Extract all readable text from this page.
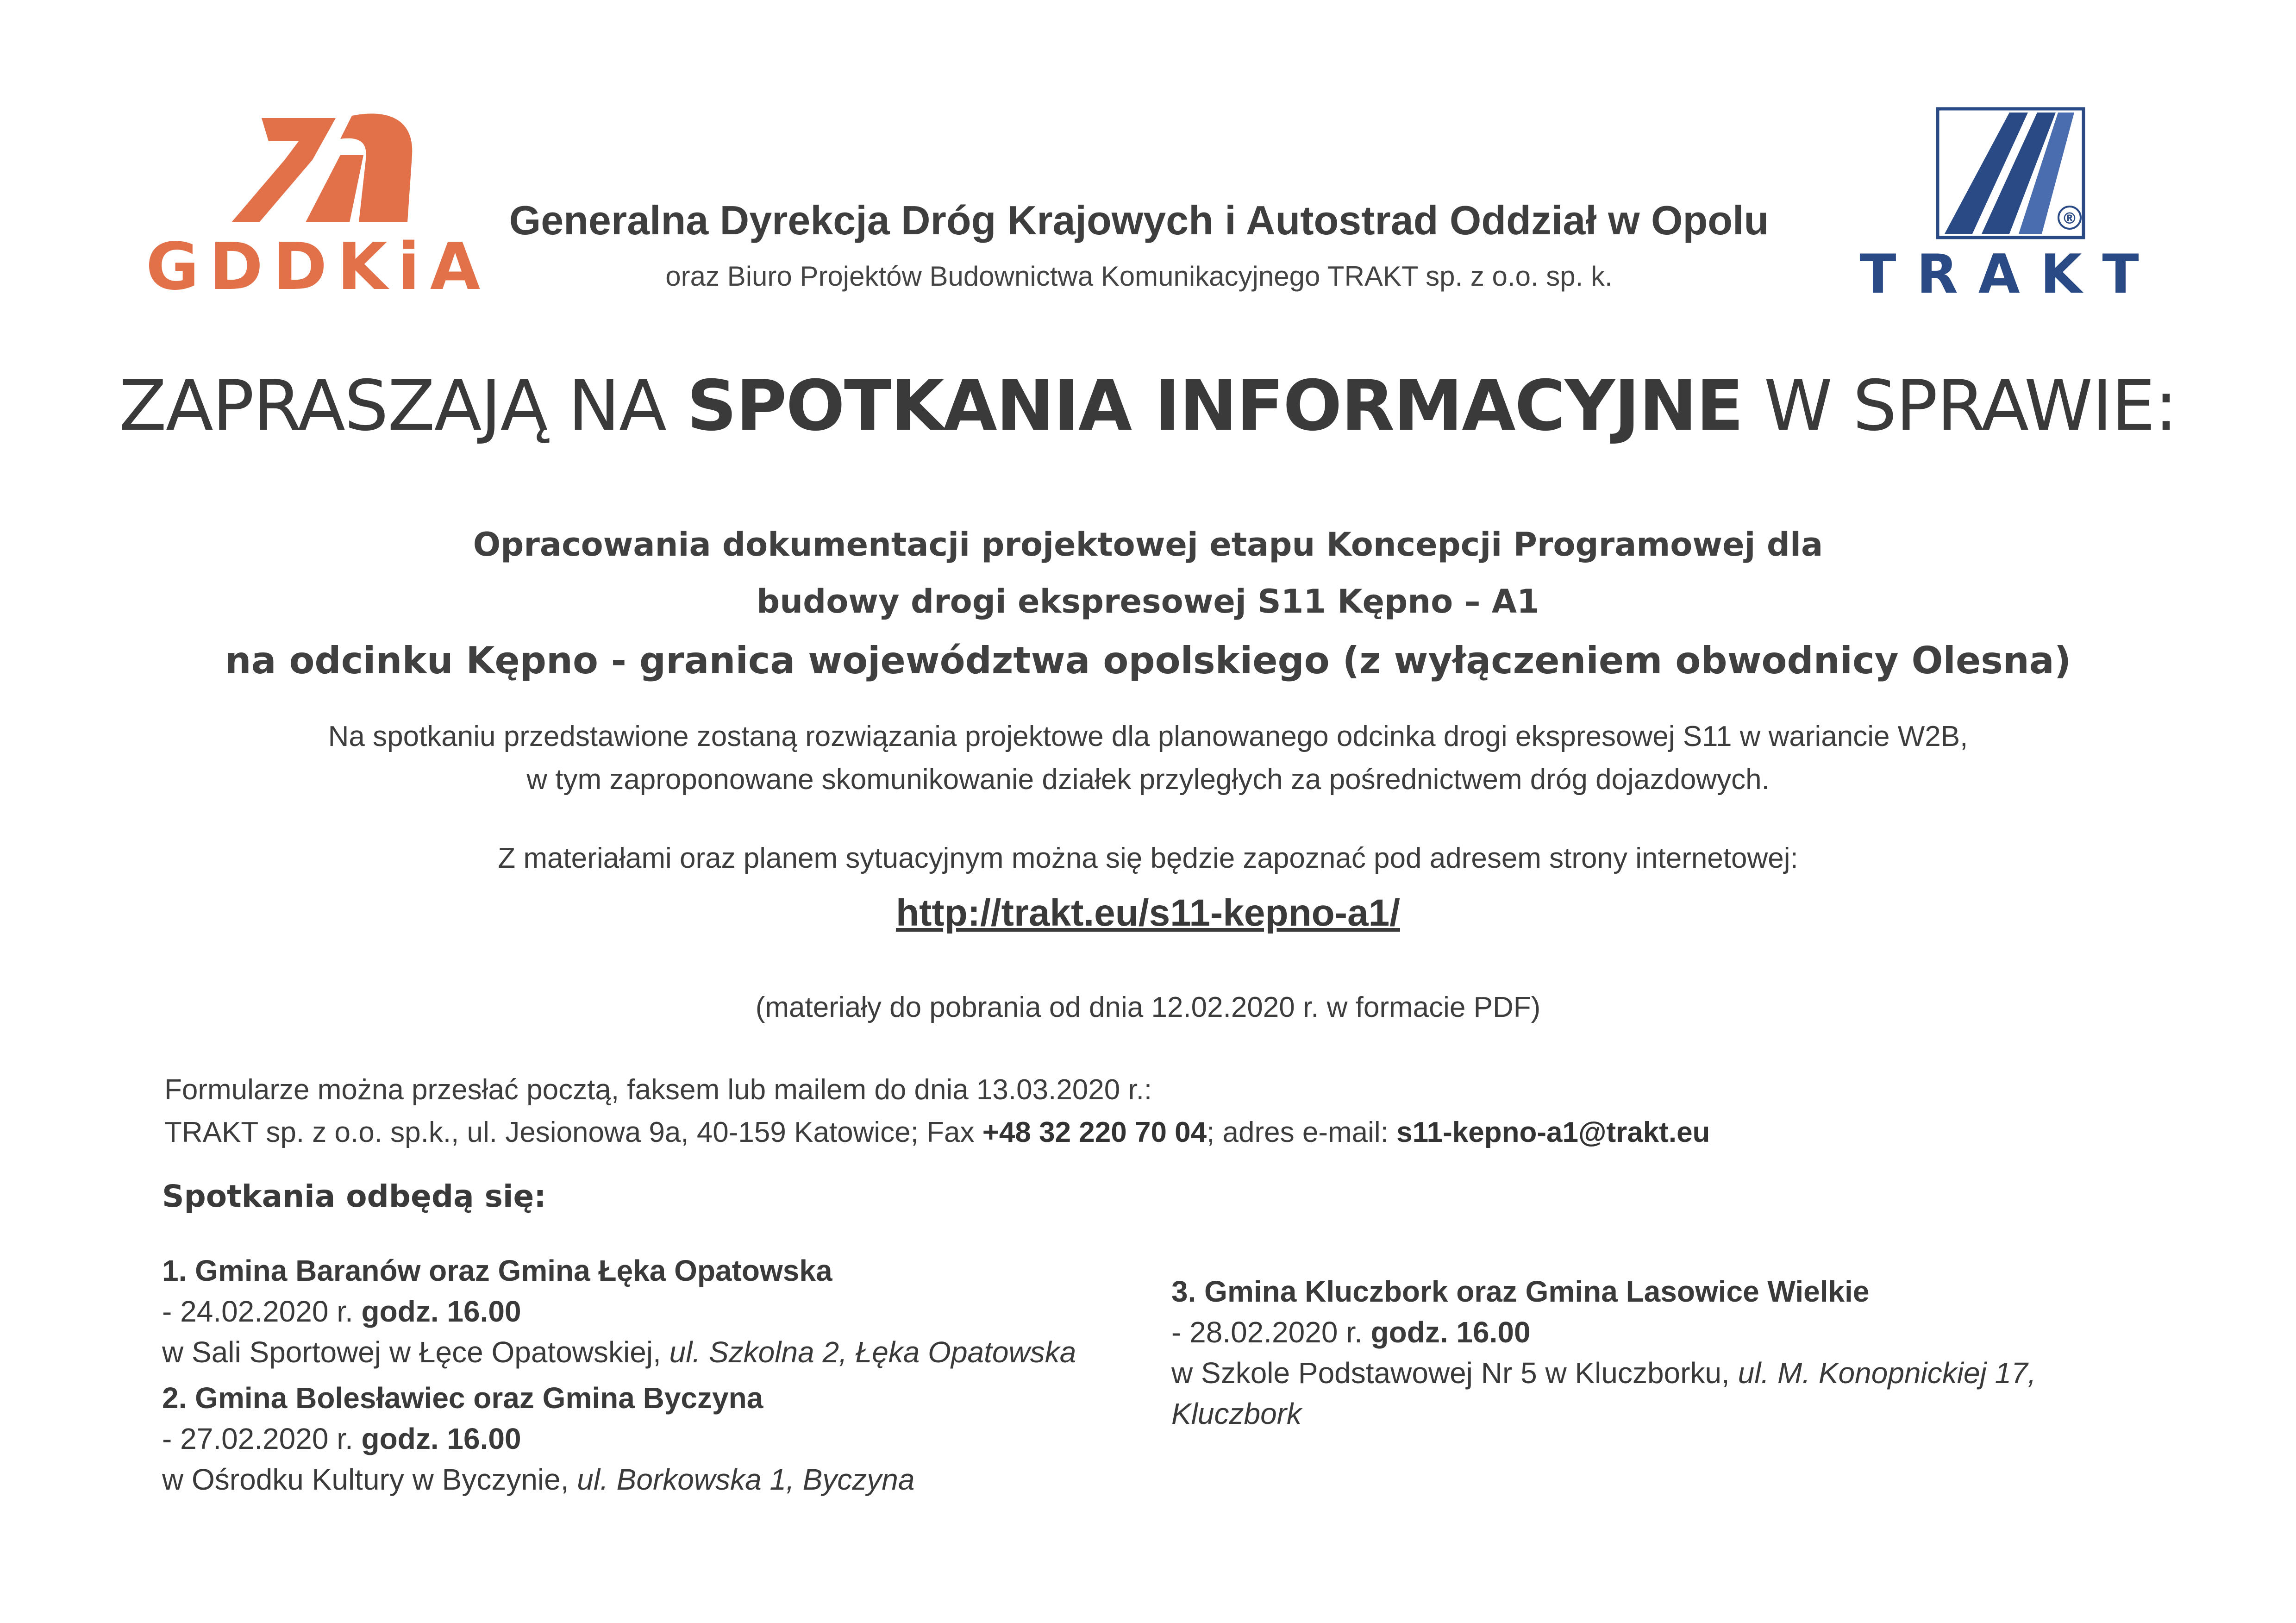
GDDKiA
Generalna Dyrekcja Dróg Krajowych i Autostrad Oddział w Opolu
oraz Biuro Projektów Budownictwa Komunikacyjnego TRAKT sp. z o.o. sp. k.
®
TRAKT
ZAPRASZAJĄ NA SPOTKANIA INFORMACYJNE W SPRAWIE:
Opracowania dokumentacji projektowej etapu Koncepcji Programowej dla
budowy drogi ekspresowej S11 Kępno – A1
na odcinku Kępno - granica województwa opolskiego (z wyłączeniem obwodnicy Olesna)
Na spotkaniu przedstawione zostaną rozwiązania projektowe dla planowanego odcinka drogi ekspresowej S11 w wariancie W2B,
w tym zaproponowane skomunikowanie działek przyległych za pośrednictwem dróg dojazdowych.
Z materiałami oraz planem sytuacyjnym można się będzie zapoznać pod adresem strony internetowej:
http://trakt.eu/s11-kepno-a1/
(materiały do pobrania od dnia 12.02.2020 r. w formacie PDF)
Formularze można przesłać pocztą, faksem lub mailem do dnia 13.03.2020 r.:
TRAKT sp. z o.o. sp.k., ul. Jesionowa 9a, 40-159 Katowice; Fax +48 32 220 70 04; adres e-mail: s11-kepno-a1@trakt.eu
Spotkania odbędą się:
1. Gmina Baranów oraz Gmina Łęka Opatowska
- 24.02.2020 r. godz. 16.00
w Sali Sportowej w Łęce Opatowskiej, ul. Szkolna 2, Łęka Opatowska
2. Gmina Bolesławiec oraz Gmina Byczyna
- 27.02.2020 r. godz. 16.00
w Ośrodku Kultury w Byczynie, ul. Borkowska 1, Byczyna
3. Gmina Kluczbork oraz Gmina Lasowice Wielkie
- 28.02.2020 r. godz. 16.00
w Szkole Podstawowej Nr 5 w Kluczborku, ul. M. Konopnickiej 17,
Kluczbork
